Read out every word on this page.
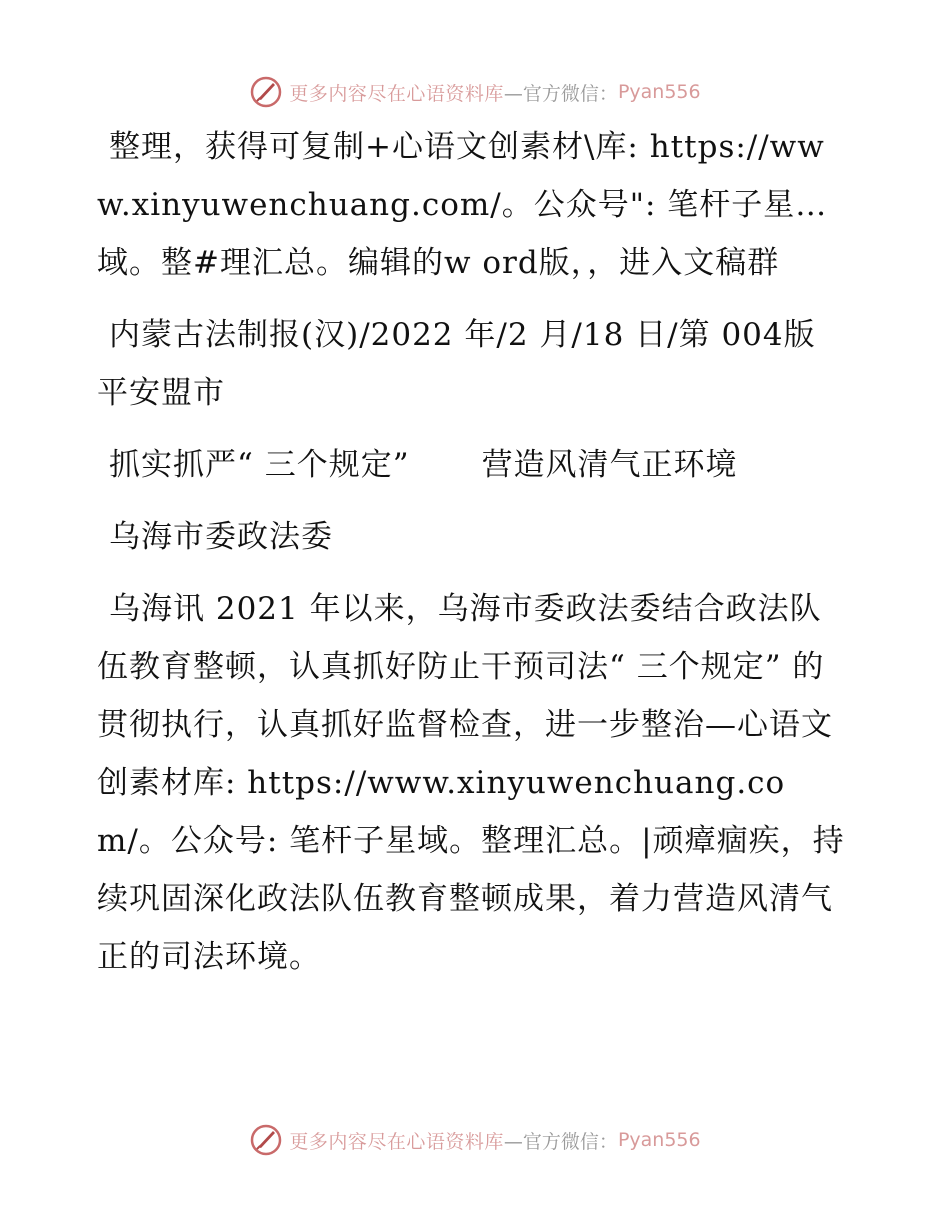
更多内容尽在心语资料库 —官方微信： Pyan556

整理，获得可复制+心语文创素材\库: https://www.xinyuwenchuang.com/。公众号": 笔杆子星…域。整#理汇总。编辑的w ord版，，进入文稿群

内蒙古法制报(汉)/2022 年/2 月/18 日/第 004版平安盟市

抓实抓严“ 三个规定” 营造风清气正环境

乌海市委政法委

乌海讯 2021 年以来，乌海市委政法委结合政法队伍教育整顿，认真抓好防止干预司法“ 三个规定” 的贯彻执行，认真抓好监督检查，进一步整治—心语文创素材库: https://www.xinyuwenchuang.com/。公众号: 笔杆子星域。整理汇总。|顽瘴痼疾，持续巩固深化政法队伍教育整顿成果，着力营造风清气正的司法环境。

更多内容尽在心语资料库 —官方微信： Pyan556
